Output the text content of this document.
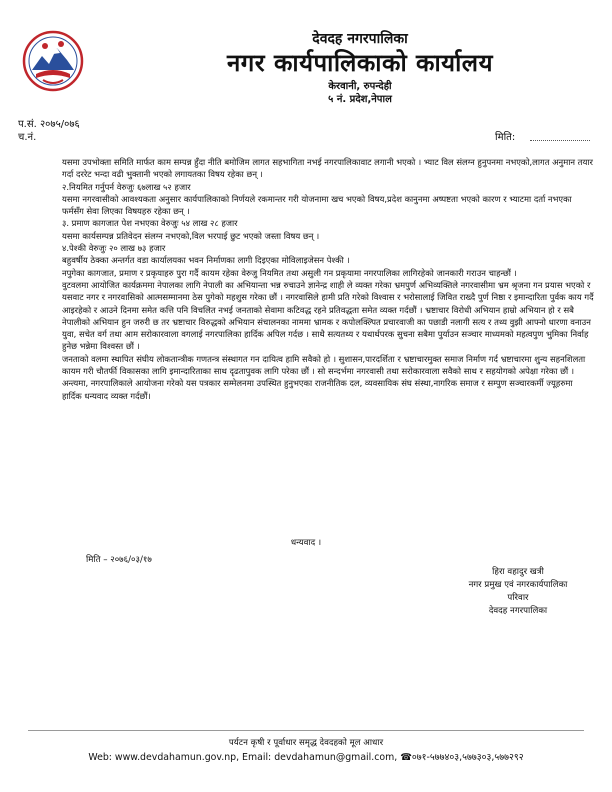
देवदह नगरपालिका
नगर कार्यपालिकाको कार्यालय
केरवानी, रुपन्देही
५ नं. प्रदेश,नेपाल
प.सं. २०७५/०७६
च.नं.	मिति:

यसमा उपभोक्ता समिति मार्फत काम सम्पन्न हुँदा नीति बमोजिम लागत सहभागिता नभई नगरपालिकावाट लगानी भएको । भ्याट विल संलग्न हुनुपनमा नभएको,लागत अनुमान तयार गर्दा दररेट भन्दा वढी भुक्तानी भएको लगायतका विषय रहेका छन् ।

२.नियमित गर्नुपर्न वेरुजुः ६७लाख ५२ हजार

यसमा नगरवासीको आवश्यकता अनुसार कार्यपालिकाको निर्णयले रकमान्तर गरी योजनामा खच भएको विषय,प्रदेश कानुनमा अष्पष्टता भएको कारण र भ्याटमा दर्ता नभएका फर्मसँग सेवा लिएका विषयहरु रहेका छन् ।

३. प्रमाण कागजात पेश नभएका वेरुजुः ५४ लाख २८ हजार

यसमा कार्यसम्पन्न प्रतिवेदन संलग्न नभएको,विल भरपाई छुट भएको जस्ता विषय छन् ।

४.पेश्की वेरुजुः २० लाख ७३ हजार

बहुवर्षीय ठेक्का अन्तर्गत वडा कार्यालयका भवन निर्माणका लागी दिइएका मोविलाइजेसन पेश्की ।

नपुगेका कागजात, प्रमाण र प्रकृयाहरु पुरा गर्दै कायम रहेका वेरुजु नियमित तथा असुली गन प्रकृयामा नगरपालिका लागिरहेको जानकारी गराउन चाहन्छौं ।

वुटवलमा आयोजित कार्यक्रममा नेपालका लागि नेपाली का अभियान्ता भन्न रुचाउने ज्ञानेन्द्र शाही ले व्यक्त गरेका भ्रमपुर्ण अभिव्यक्तिले नगरवासीमा भ्रम श्रृजना गन प्रयास भएको र यसवाट नगर र नगरवासिको आत्मसम्मानमा ठेस पुगेको महशुस गरेका छौं । नगरवासिले हामी प्रति गरेको विश्वास र भरोसालाई जिवित राख्दै पुर्ण निष्ठा र इमान्दारिता पुर्वक काय गर्दै आइरहेको र आउने दिनमा समेत कत्ति पनि विचलित नभई जनताको सेवामा कटिवद्ध रहने प्रतिवद्धता समेत व्यक्त गर्दछौं । भ्रष्टाचार विरोधी अभियान हाम्रो अभियान हो र सबै नेपालीको अभियान हुन जरुरी छ तर भ्रष्टाचार विरुद्धको अभियान संचालनका नाममा भ्रामक र कपोलक्ल्पित प्रचारवाजी का पछाडी नलागी सत्य र तथ्य वुझी आफ्नो धारणा वनाउन युवा, सचेत वर्ग तथा आम सरोकारवाला वगलाई नगरपालिका हार्दिक अपिल गर्दछ । साथै सत्यतथ्य र यथार्थपरक सुचना सबैमा पुर्याउन सञ्चार माध्यमको महत्वपुण भुमिका निर्वाह हुनेछ भन्नेमा विश्वस्त छौं ।

जनताको वलमा स्थापित संघीय लोकतान्त्रीक गणतन्त्र संस्थागत गन दायित्व हामि सवैको हो । सुशासन,पारदर्शिता र भ्रष्टाचारमुक्त समाज निर्माण गर्द भ्रष्टाचारमा शुन्य सहनशिलता कायम गरी चौतर्फी विकासका लागि इमान्दारिताका साथ दृढतापुवक लागि परेका छौं । सो सन्दर्भमा नगरवासी तथा सरोकारवाला सवैको साथ र सहयोगको अपेक्षा गरेका छौं ।

अन्त्यमा, नगरपालिकाले आयोजना गरेको यस पत्रकार सम्मेलनमा उपस्थित हुनुभएका राजनीतिक दल, व्यवसायिक संघ संस्था,नागरिक समाज र सम्पुण सञ्चारकर्मी ज्यूहरुमा हार्दिक धन्यवाद व्यक्त गर्दछौं।

धन्यवाद ।
मिति – २०७६/०३/१७
हिरा वहादुर खत्री
नगर प्रमुख एवं नगरकार्यपालिका
परिवार
देवदह नगरपालिका
पर्यटन कृषी र पूर्वाधार समृद्ध देवदहको मूल आधार
Web: www.devdahamun.gov.np, Email: devdahamun@gmail.com, ☎०७१-५७७४०३,५७७३०३,५७७२९२
